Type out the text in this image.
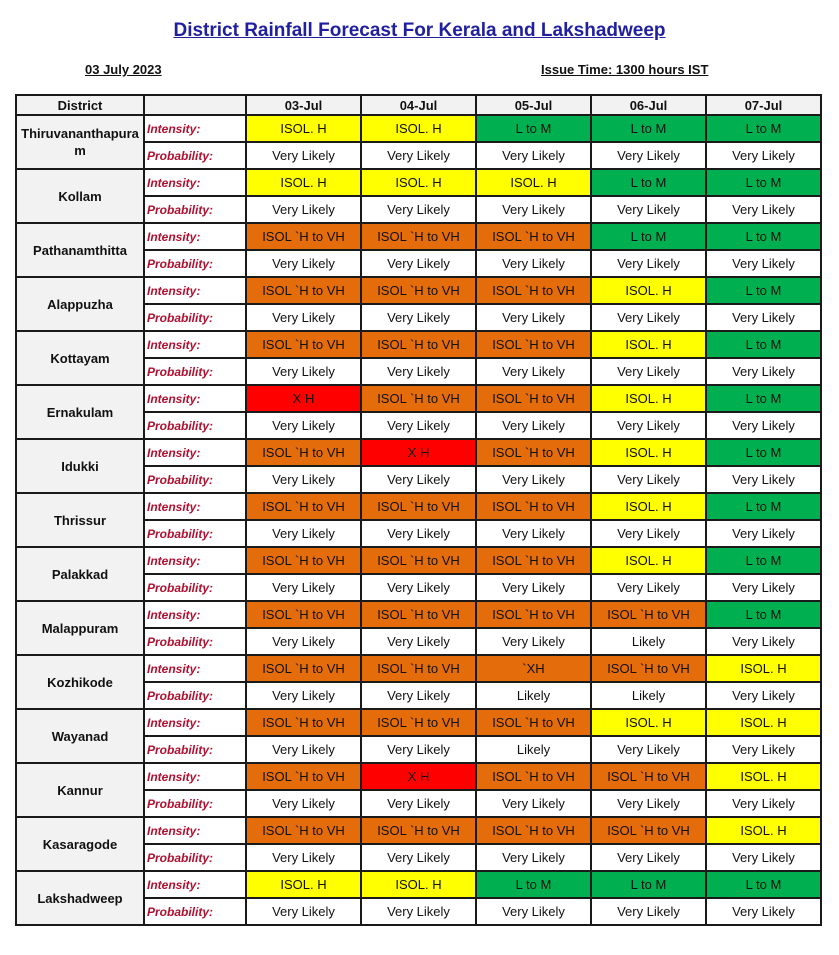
District Rainfall Forecast For Kerala and Lakshadweep
03 July 2023	Issue Time: 1300 hours IST
District		03-Jul	04-Jul	05-Jul	06-Jul	07-Jul
Thiruvananthapuram	Intensity:	ISOL. H	ISOL. H	L to M	L to M	L to M
	Probability:	Very Likely	Very Likely	Very Likely	Very Likely	Very Likely
Kollam	Intensity:	ISOL. H	ISOL. H	ISOL. H	L to M	L to M
	Probability:	Very Likely	Very Likely	Very Likely	Very Likely	Very Likely
Pathanamthitta	Intensity:	ISOL `H to VH	ISOL `H to VH	ISOL `H to VH	L to M	L to M
	Probability:	Very Likely	Very Likely	Very Likely	Very Likely	Very Likely
Alappuzha	Intensity:	ISOL `H to VH	ISOL `H to VH	ISOL `H to VH	ISOL. H	L to M
	Probability:	Very Likely	Very Likely	Very Likely	Very Likely	Very Likely
Kottayam	Intensity:	ISOL `H to VH	ISOL `H to VH	ISOL `H to VH	ISOL. H	L to M
	Probability:	Very Likely	Very Likely	Very Likely	Very Likely	Very Likely
Ernakulam	Intensity:	X H	ISOL `H to VH	ISOL `H to VH	ISOL. H	L to M
	Probability:	Very Likely	Very Likely	Very Likely	Very Likely	Very Likely
Idukki	Intensity:	ISOL `H to VH	X H	ISOL `H to VH	ISOL. H	L to M
	Probability:	Very Likely	Very Likely	Very Likely	Very Likely	Very Likely
Thrissur	Intensity:	ISOL `H to VH	ISOL `H to VH	ISOL `H to VH	ISOL. H	L to M
	Probability:	Very Likely	Very Likely	Very Likely	Very Likely	Very Likely
Palakkad	Intensity:	ISOL `H to VH	ISOL `H to VH	ISOL `H to VH	ISOL. H	L to M
	Probability:	Very Likely	Very Likely	Very Likely	Very Likely	Very Likely
Malappuram	Intensity:	ISOL `H to VH	ISOL `H to VH	ISOL `H to VH	ISOL `H to VH	L to M
	Probability:	Very Likely	Very Likely	Very Likely	Likely	Very Likely
Kozhikode	Intensity:	ISOL `H to VH	ISOL `H to VH	`XH	ISOL `H to VH	ISOL. H
	Probability:	Very Likely	Very Likely	Likely	Likely	Very Likely
Wayanad	Intensity:	ISOL `H to VH	ISOL `H to VH	ISOL `H to VH	ISOL. H	ISOL. H
	Probability:	Very Likely	Very Likely	Likely	Very Likely	Very Likely
Kannur	Intensity:	ISOL `H to VH	X H	ISOL `H to VH	ISOL `H to VH	ISOL. H
	Probability:	Very Likely	Very Likely	Very Likely	Very Likely	Very Likely
Kasaragode	Intensity:	ISOL `H to VH	ISOL `H to VH	ISOL `H to VH	ISOL `H to VH	ISOL. H
	Probability:	Very Likely	Very Likely	Very Likely	Very Likely	Very Likely
Lakshadweep	Intensity:	ISOL. H	ISOL. H	L to M	L to M	L to M
	Probability:	Very Likely	Very Likely	Very Likely	Very Likely	Very Likely
